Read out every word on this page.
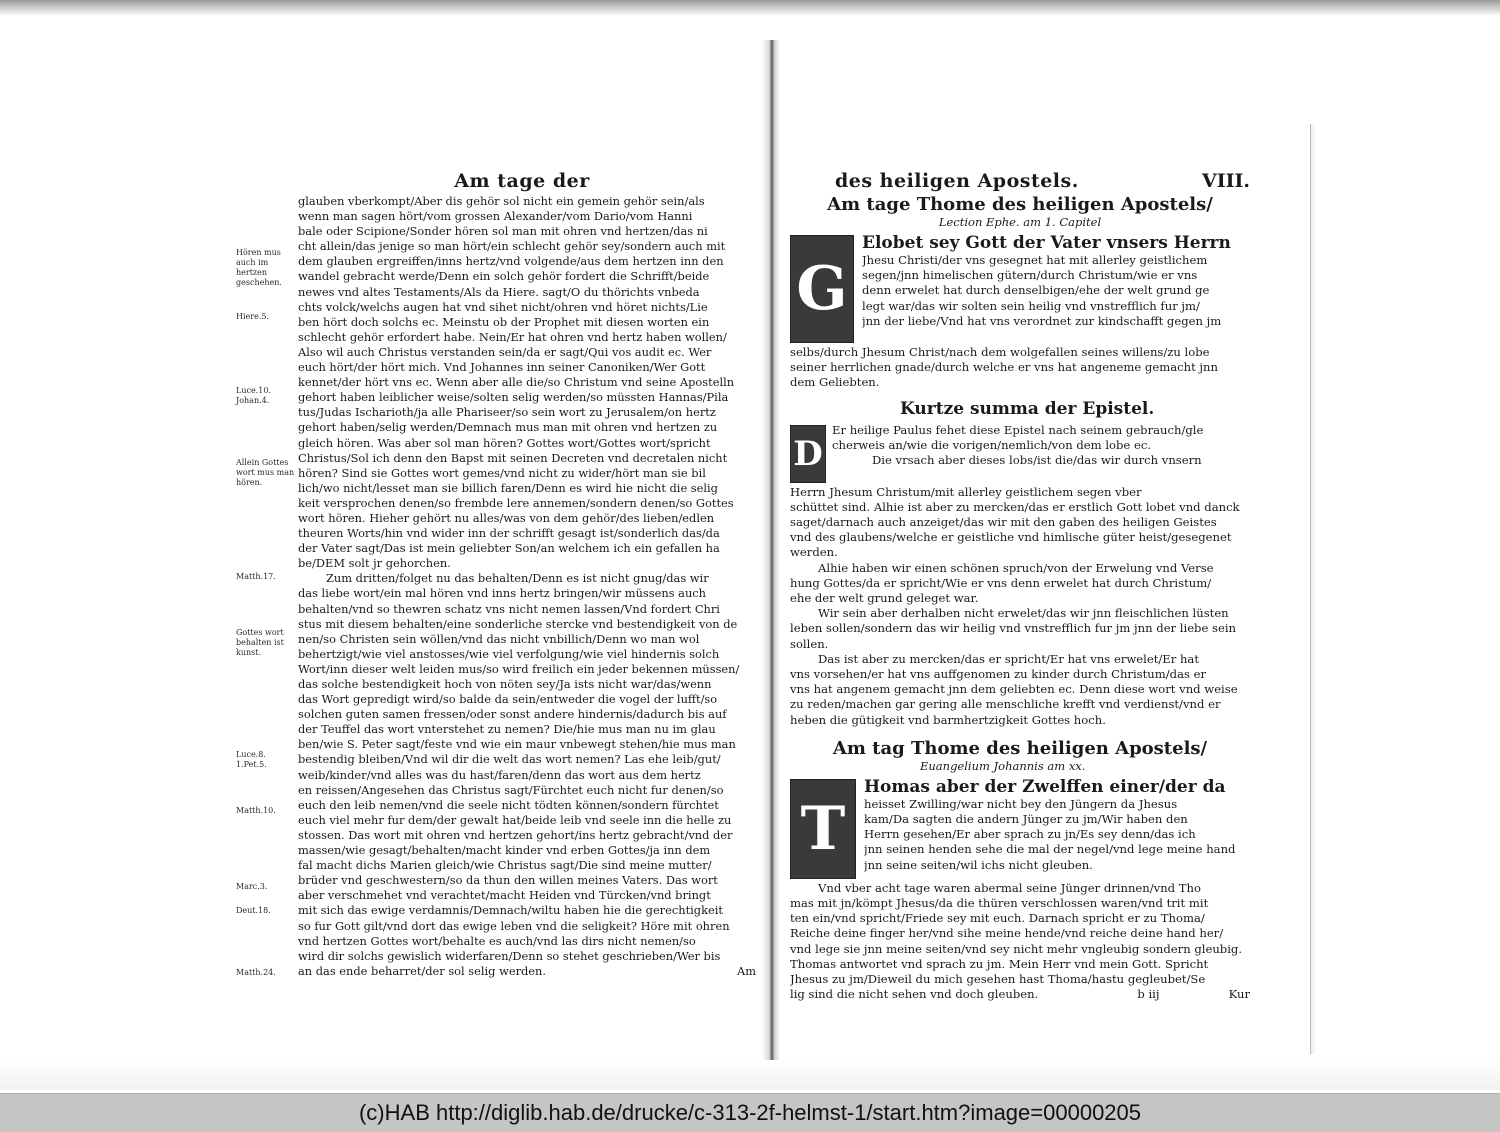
Am tage der
Hören mus auch im hertzen geschehen.
Hiere.5.
Luce.10. Johan.4.
Allein Gottes wort mus man hören.
Matth.17.
Gottes wort behalten ist kunst.
Luce.8. 1.Pet.5.
Matth.10.
Marc.3.
Deut.18.
Matth.24.
glauben vberkompt/Aber dis gehör sol nicht ein gemein gehör sein/als
wenn man sagen hört/vom grossen Alexander/vom Dario/vom Hanni
bale oder Scipione/Sonder hören sol man mit ohren vnd hertzen/das ni
cht allein/das jenige so man hört/ein schlecht gehör sey/sondern auch mit
dem glauben ergreiffen/inns hertz/vnd volgende/aus dem hertzen inn den
wandel gebracht werde/Denn ein solch gehör fordert die Schrifft/beide
newes vnd altes Testaments/Als da Hiere. sagt/O du thörichts vnbeda
chts volck/welchs augen hat vnd sihet nicht/ohren vnd höret nichts/Lie
ben hört doch solchs ec. Meinstu ob der Prophet mit diesen worten ein
schlecht gehör erfordert habe. Nein/Er hat ohren vnd hertz haben wollen/
Also wil auch Christus verstanden sein/da er sagt/Qui vos audit ec. Wer
euch hört/der hört mich. Vnd Johannes inn seiner Canoniken/Wer Gott
kennet/der hört vns ec. Wenn aber alle die/so Christum vnd seine Apostelln
gehort haben leiblicher weise/solten selig werden/so müssten Hannas/Pila
tus/Judas Ischarioth/ja alle Phariseer/so sein wort zu Jerusalem/on hertz
gehort haben/selig werden/Demnach mus man mit ohren vnd hertzen zu
gleich hören. Was aber sol man hören? Gottes wort/Gottes wort/spricht
Christus/Sol ich denn den Bapst mit seinen Decreten vnd decretalen nicht
hören? Sind sie Gottes wort gemes/vnd nicht zu wider/hört man sie bil
lich/wo nicht/lesset man sie billich faren/Denn es wird hie nicht die selig
keit versprochen denen/so frembde lere annemen/sondern denen/so Gottes
wort hören. Hieher gehört nu alles/was von dem gehör/des lieben/edlen
theuren Worts/hin vnd wider inn der schrifft gesagt ist/sonderlich das/da
der Vater sagt/Das ist mein geliebter Son/an welchem ich ein gefallen ha
be/DEM solt jr gehorchen.
Zum dritten/folget nu das behalten/Denn es ist nicht gnug/das wir
das liebe wort/ein mal hören vnd inns hertz bringen/wir müssens auch
behalten/vnd so thewren schatz vns nicht nemen lassen/Vnd fordert Chri
stus mit diesem behalten/eine sonderliche stercke vnd bestendigkeit von de
nen/so Christen sein wöllen/vnd das nicht vnbillich/Denn wo man wol
behertzigt/wie viel anstosses/wie viel verfolgung/wie viel hindernis solch
Wort/inn dieser welt leiden mus/so wird freilich ein jeder bekennen müssen/
das solche bestendigkeit hoch von nöten sey/Ja ists nicht war/das/wenn
das Wort gepredigt wird/so balde da sein/entweder die vogel der lufft/so
solchen guten samen fressen/oder sonst andere hindernis/dadurch bis auf
der Teuffel das wort vnterstehet zu nemen? Die/hie mus man nu im glau
ben/wie S. Peter sagt/feste vnd wie ein maur vnbewegt stehen/hie mus man
bestendig bleiben/Vnd wil dir die welt das wort nemen? Las ehe leib/gut/
weib/kinder/vnd alles was du hast/faren/denn das wort aus dem hertz
en reissen/Angesehen das Christus sagt/Fürchtet euch nicht fur denen/so
euch den leib nemen/vnd die seele nicht tödten können/sondern fürchtet
euch viel mehr fur dem/der gewalt hat/beide leib vnd seele inn die helle zu
stossen. Das wort mit ohren vnd hertzen gehort/ins hertz gebracht/vnd der
massen/wie gesagt/behalten/macht kinder vnd erben Gottes/ja inn dem
fal macht dichs Marien gleich/wie Christus sagt/Die sind meine mutter/
brüder vnd geschwestern/so da thun den willen meines Vaters. Das wort
aber verschmehet vnd verachtet/macht Heiden vnd Türcken/vnd bringt
mit sich das ewige verdamnis/Demnach/wiltu haben hie die gerechtigkeit
so fur Gott gilt/vnd dort das ewige leben vnd die seligkeit? Höre mit ohren
vnd hertzen Gottes wort/behalte es auch/vnd las dirs nicht nemen/so
wird dir solchs gewislich widerfaren/Denn so stehet geschrieben/Wer bis
an das ende beharret/der sol selig werden.	Am
des heiligen Apostels.	VIII.
Am tage Thome des heiligen Apostels/
Lection Ephe. am 1. Capitel
G
Elobet sey Gott der Vater vnsers Herrn
Jhesu Christi/der vns gesegnet hat mit allerley geistlichem
segen/jnn himelischen gütern/durch Christum/wie er vns
denn erwelet hat durch denselbigen/ehe der welt grund ge
legt war/das wir solten sein heilig vnd vnstrefflich fur jm/
jnn der liebe/Vnd hat vns verordnet zur kindschafft gegen jm
selbs/durch Jhesum Christ/nach dem wolgefallen seines willens/zu lobe
seiner herrlichen gnade/durch welche er vns hat angeneme gemacht jnn
dem Geliebten.
Kurtze summa der Epistel.
D
Er heilige Paulus fehet diese Epistel nach seinem gebrauch/gle
cherweis an/wie die vorigen/nemlich/von dem lobe ec.
Die vrsach aber dieses lobs/ist die/das wir durch vnsern
Herrn Jhesum Christum/mit allerley geistlichem segen vber
schüttet sind. Alhie ist aber zu mercken/das er erstlich Gott lobet vnd danck
saget/darnach auch anzeiget/das wir mit den gaben des heiligen Geistes
vnd des glaubens/welche er geistliche vnd himlische güter heist/gesegenet
werden.
Alhie haben wir einen schönen spruch/von der Erwelung vnd Verse
hung Gottes/da er spricht/Wie er vns denn erwelet hat durch Christum/
ehe der welt grund geleget war.
Wir sein aber derhalben nicht erwelet/das wir jnn fleischlichen lüsten
leben sollen/sondern das wir heilig vnd vnstrefflich fur jm jnn der liebe sein
sollen.
Das ist aber zu mercken/das er spricht/Er hat vns erwelet/Er hat
vns vorsehen/er hat vns auffgenomen zu kinder durch Christum/das er
vns hat angenem gemacht jnn dem geliebten ec. Denn diese wort vnd weise
zu reden/machen gar gering alle menschliche krefft vnd verdienst/vnd er
heben die gütigkeit vnd barmhertzigkeit Gottes hoch.
Am tag Thome des heiligen Apostels/
Euangelium Johannis am xx.
T
Homas aber der Zwelffen einer/der da
heisset Zwilling/war nicht bey den Jüngern da Jhesus
kam/Da sagten die andern Jünger zu jm/Wir haben den
Herrn gesehen/Er aber sprach zu jn/Es sey denn/das ich
jnn seinen henden sehe die mal der negel/vnd lege meine hand
jnn seine seiten/wil ichs nicht gleuben.
Vnd vber acht tage waren abermal seine Jünger drinnen/vnd Tho
mas mit jn/kömpt Jhesus/da die thüren verschlossen waren/vnd trit mit
ten ein/vnd spricht/Friede sey mit euch. Darnach spricht er zu Thoma/
Reiche deine finger her/vnd sihe meine hende/vnd reiche deine hand her/
vnd lege sie jnn meine seiten/vnd sey nicht mehr vngleubig sondern gleubig.
Thomas antwortet vnd sprach zu jm. Mein Herr vnd mein Gott. Spricht
Jhesus zu jm/Dieweil du mich gesehen hast Thoma/hastu gegleubet/Se
lig sind die nicht sehen vnd doch gleuben.	b iij	Kur
(c)HAB http://diglib.hab.de/drucke/c-313-2f-helmst-1/start.htm?image=00000205
